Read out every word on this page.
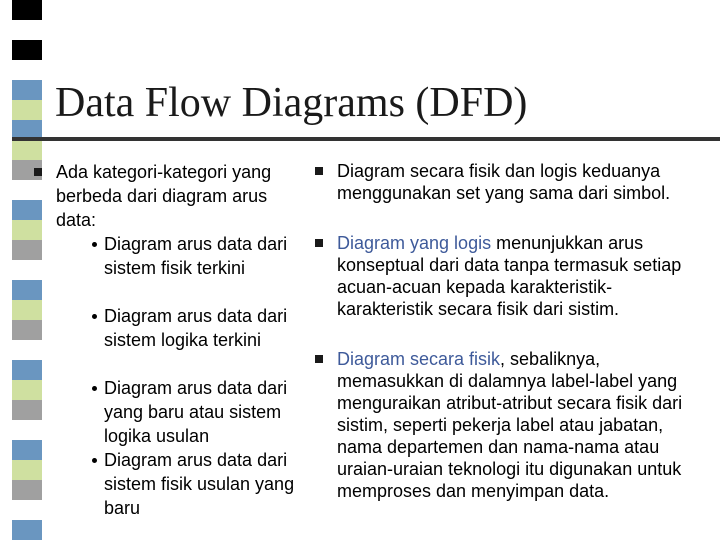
Data Flow Diagrams (DFD)

Ada kategori-kategori yang berbeda dari diagram arus data:

Diagram arus data dari sistem fisik terkini

Diagram arus data dari sistem logika terkini

Diagram arus data dari yang baru atau sistem logika usulan

Diagram arus data dari sistem fisik usulan yang baru

Diagram secara fisik dan logis keduanya menggunakan set yang sama dari simbol.

Diagram yang logis menunjukkan arus konseptual dari data tanpa termasuk setiap acuan-acuan kepada karakteristik-karakteristik secara fisik dari sistim.

Diagram secara fisik, sebaliknya, memasukkan di dalamnya label-label yang menguraikan atribut-atribut secara fisik dari sistim, seperti pekerja label atau jabatan, nama departemen dan nama-nama atau uraian-uraian teknologi itu digunakan untuk memproses dan menyimpan data.
